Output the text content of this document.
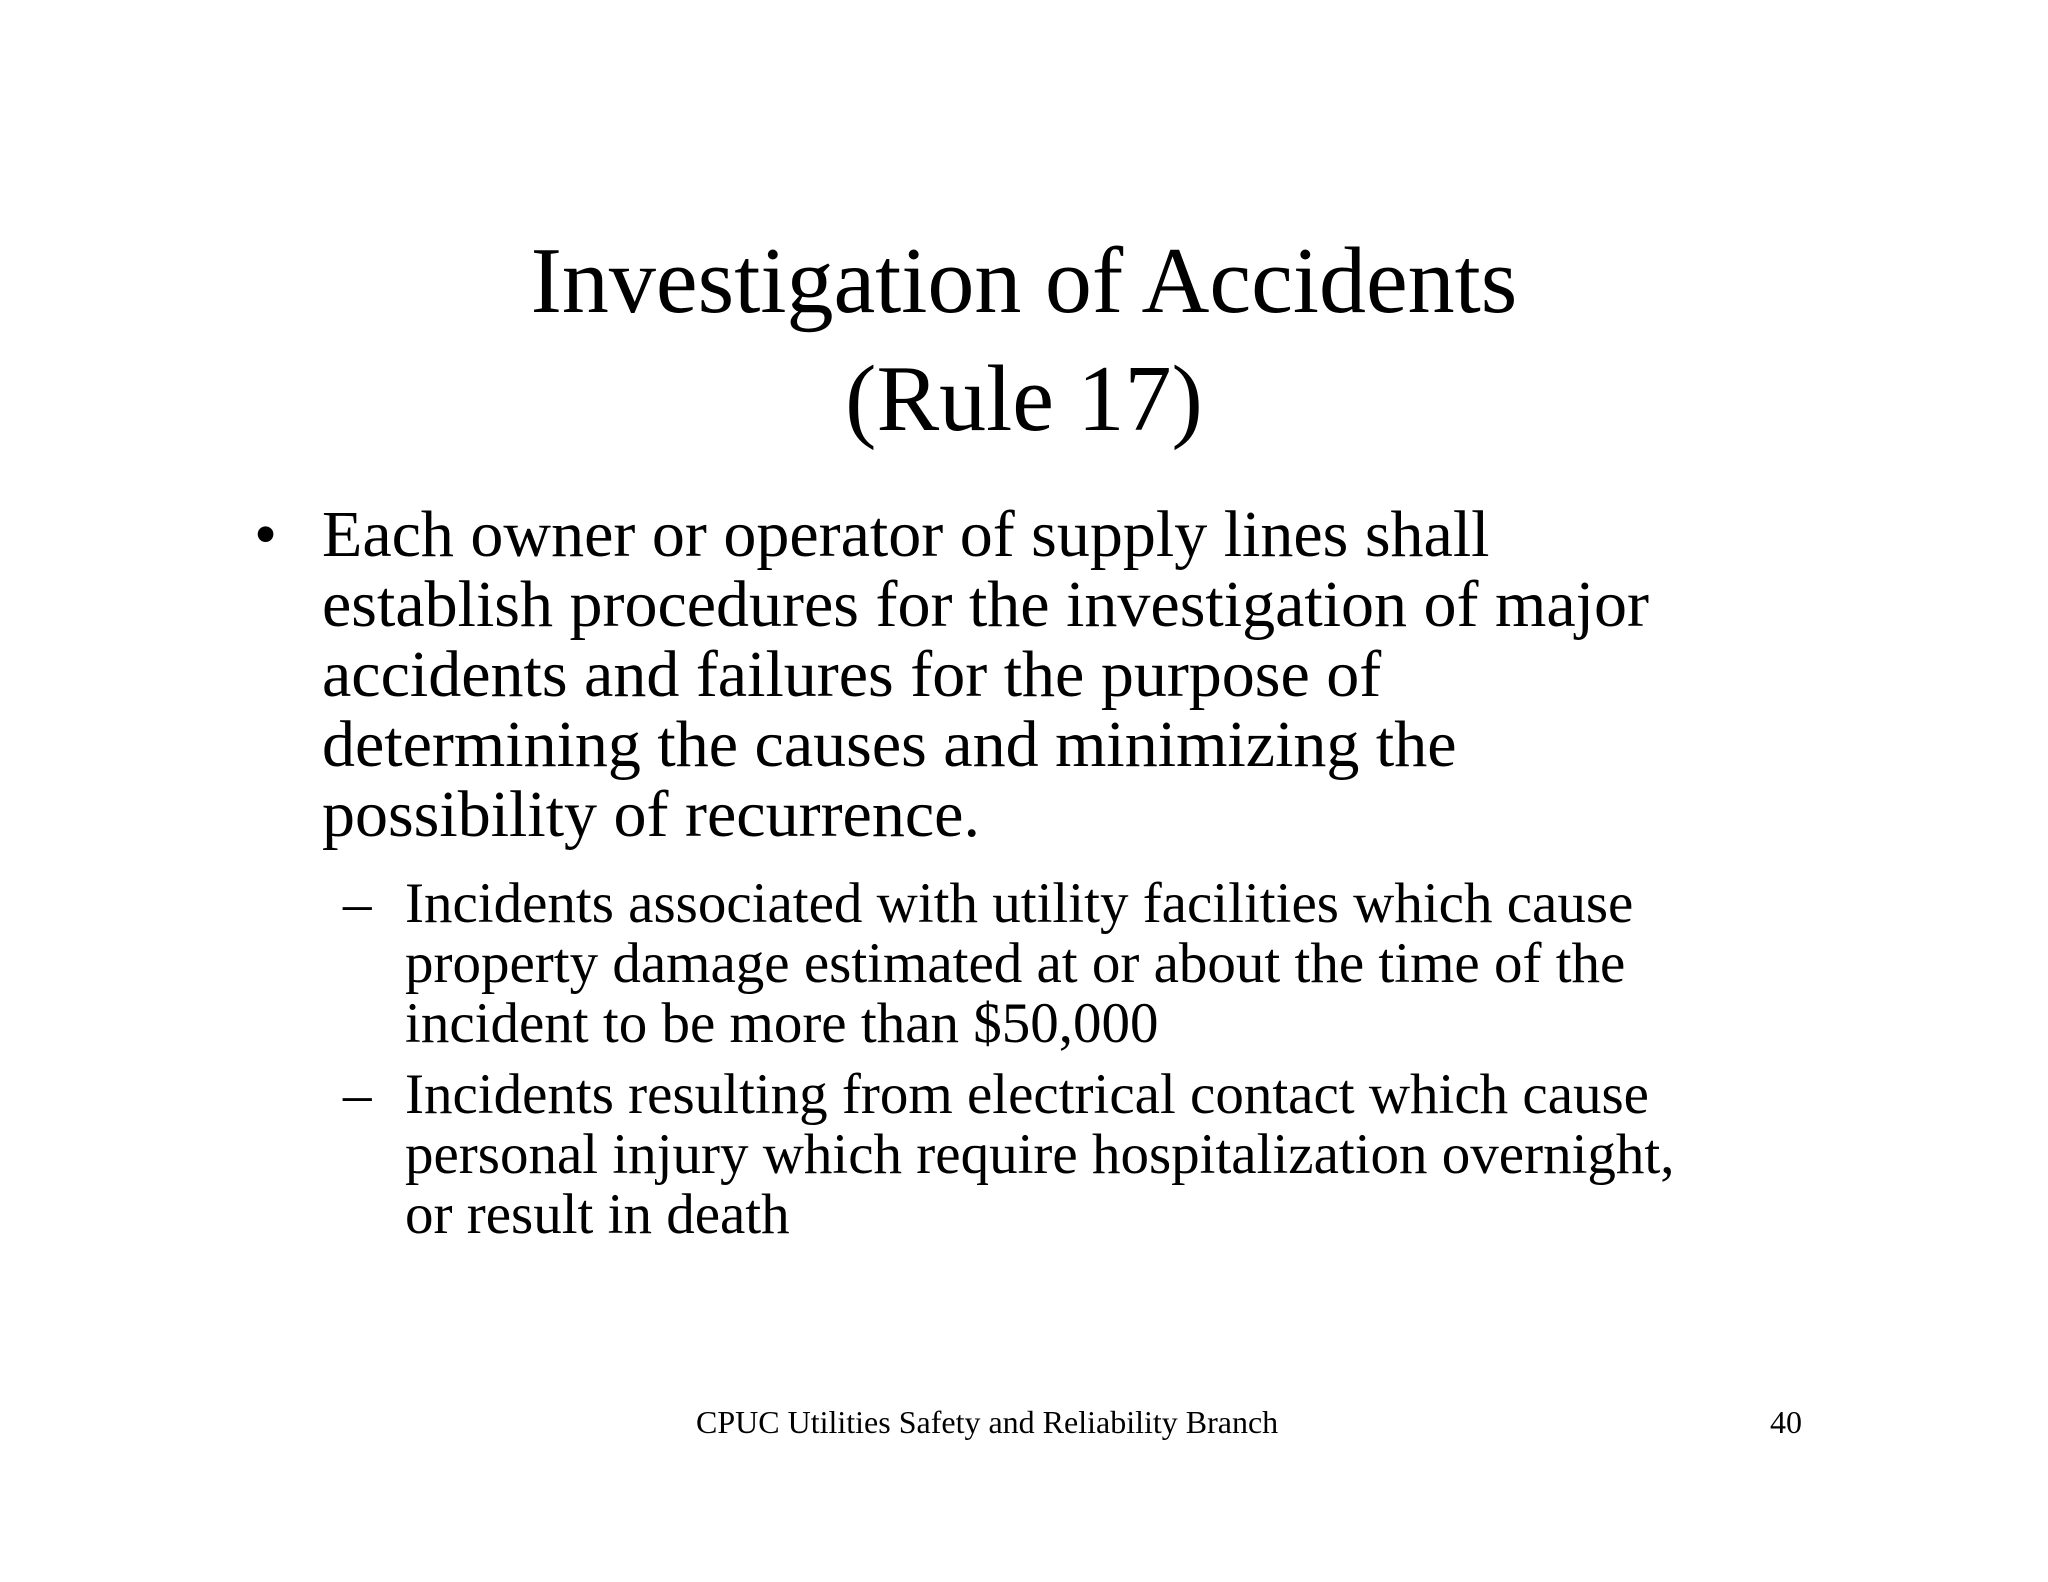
Investigation of Accidents
(Rule 17)
• Each owner or operator of supply lines shall
establish procedures for the investigation of major
accidents and failures for the purpose of
determining the causes and minimizing the
possibility of recurrence.
– Incidents associated with utility facilities which cause
property damage estimated at or about the time of the
incident to be more than $50,000
– Incidents resulting from electrical contact which cause
personal injury which require hospitalization overnight,
or result in death
CPUC Utilities Safety and Reliability Branch	40
